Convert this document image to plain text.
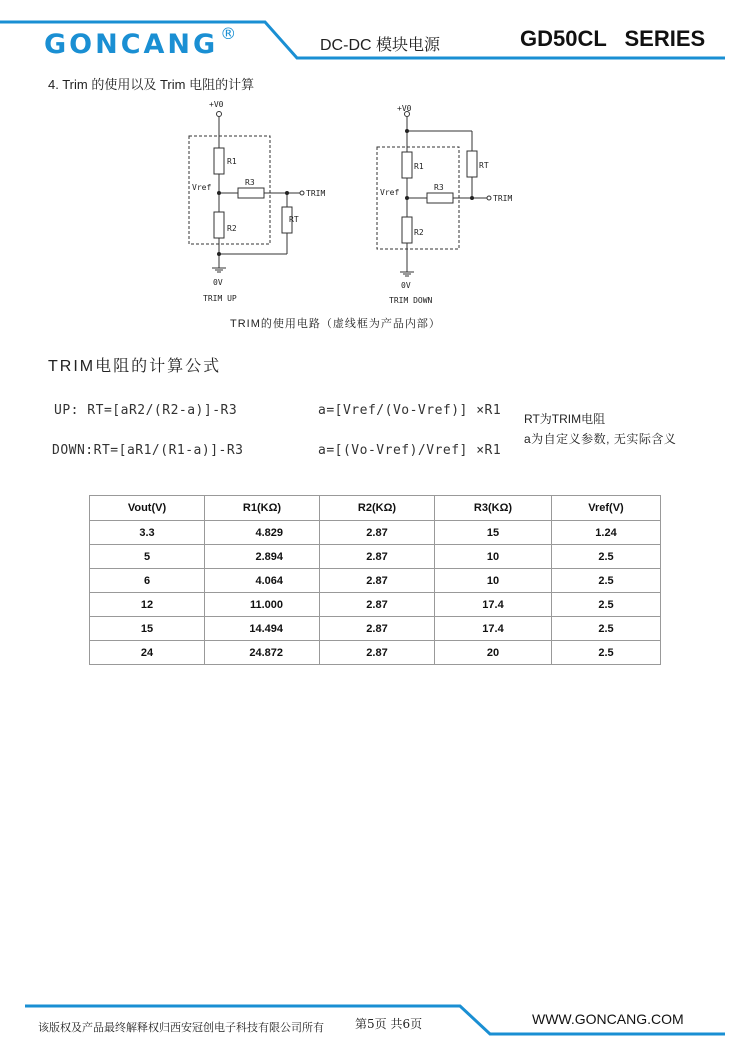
GONCANG ®
DC-DC 模块电源	GD50CL SERIES
4. Trim 的使用以及 Trim 电阻的计算
+V0
R1
Vref
R3
TRIM
RT
R2
0V
TRIM UP
+V0
R1	RT
Vref
R3
TRIM
R2
0V
TRIM DOWN
TRIM的使用电路（虚线框为产品内部）
TRIM电阻的计算公式
UP: RT=[aR2/(R2-a)]-R3	a=[Vref/(Vo-Vref)] ×R1
DOWN:RT=[aR1/(R1-a)]-R3	a=[(Vo-Vref)/Vref] ×R1
RT为TRIM电阻
a为自定义参数, 无实际含义
Vout(V)	R1(KΩ)	R2(KΩ)	R3(KΩ)	Vref(V)
3.3	4.829	2.87	15	1.24
5	2.894	2.87	10	2.5
6	4.064	2.87	10	2.5
12	11.000	2.87	17.4	2.5
15	14.494	2.87	17.4	2.5
24	24.872	2.87	20	2.5
该版权及产品最终解释权归西安冠创电子科技有限公司所有	第5页 共6页	WWW.GONCANG.COM
